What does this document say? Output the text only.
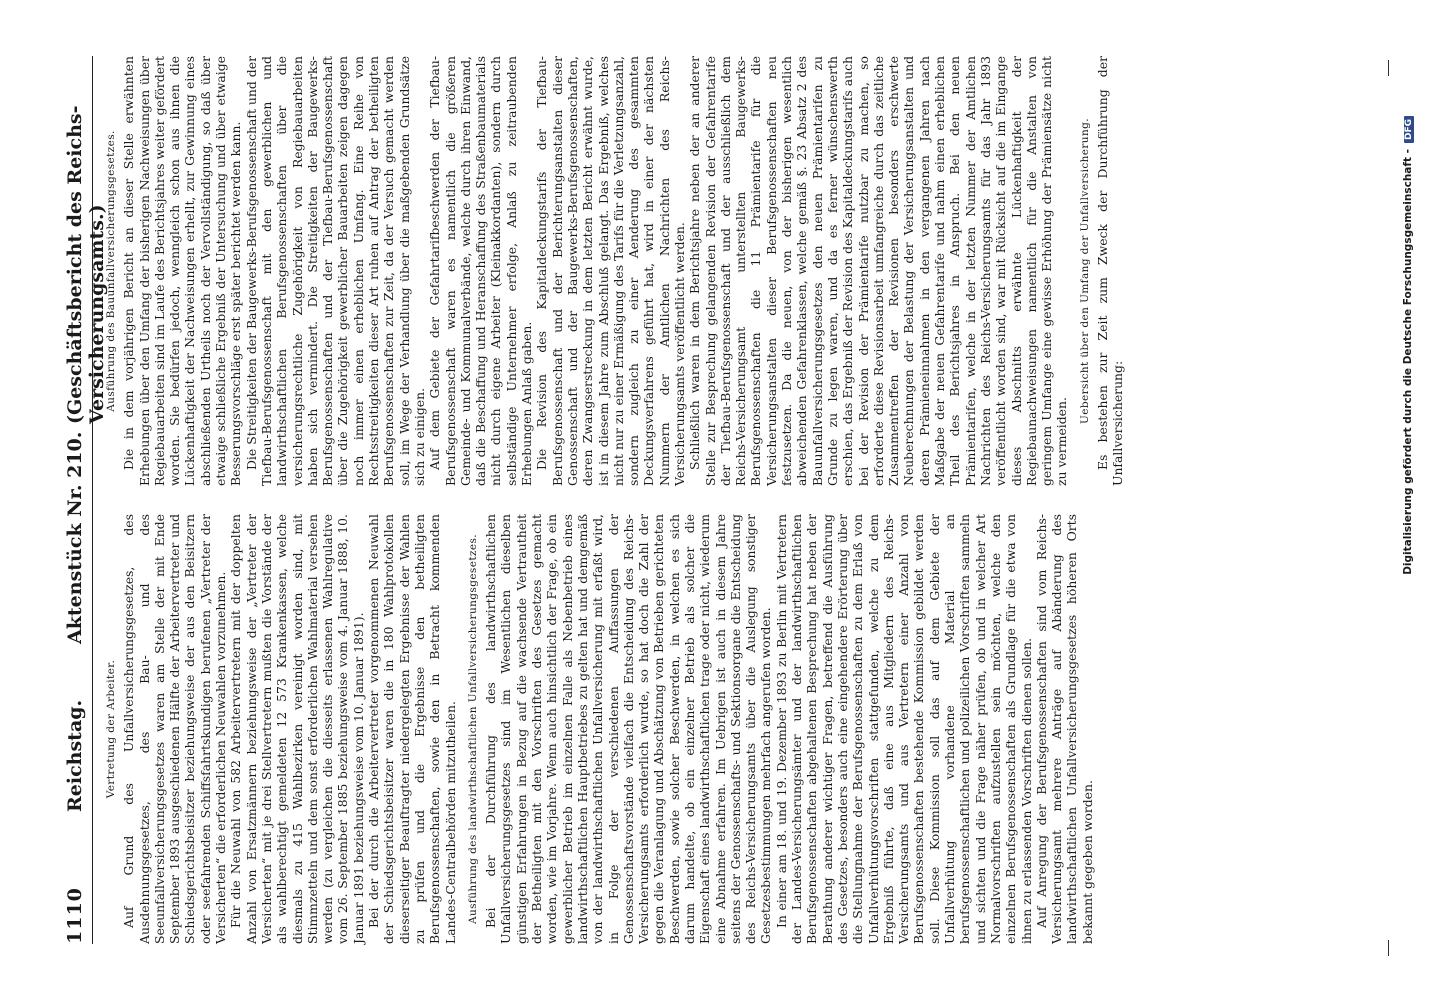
1110
Reichstag.
Aktenstück Nr. 210.
(Geschäftsbericht des Reichs-Versicherungsamts.)
Vertretung der Arbeiter. Auf Grund des Unfallversicherungsgesetzes, des Ausdehnungsgesetzes, des Bau- und des Seeunfallversicherungsgesetzes waren am Stelle der mit Ende September 1893 ausgeschiedenen Hälfte der Arbeitervertreter und Schiedsgerichtsbeisitzer beziehungsweise der aus den Beisitzern oder seefahrenden Schiffsfahrtskundigen berufenen „Vertreter der Versicherten“ die erforderlichen Neuwahlen vorzunehmen. Für die Neuwahl von 582 Arbeitervertretern mit der doppelten Anzahl von Ersatzmännern beziehungsweise der „Vertreter der Versicherten“ mit je drei Stellvertretern mußten die Vorstände der als wahlberechtigt gemeldeten 12 573 Krankenkassen, welche diesmals zu 415 Wahlbezirken vereinigt worden sind, mit Stimmzetteln und dem sonst erforderlichen Wahlmaterial versehen werden (zu vergleichen die diesseits erlassenen Wahlregulative vom 26. September 1885 beziehungsweise vom 4. Januar 1888, 10. Januar 1891 beziehungsweise vom 10. Januar 1891). Bei der durch die Arbeitervertreter vorgenommenen Neuwahl der Schiedsgerichtsbeisitzer waren die in 180 Wahlprotokollen dieserseitiger Beauftragter niedergelegten Ergebnisse der Wahlen zu prüfen und die Ergebnisse den betheiligten Berufsgenossenschaften, sowie den in Betracht kommenden Landes-Centralbehörden mitzutheilen. Ausführung des landwirthschaftlichen Unfallversicherungsgesetzes. Bei der Durchführung des landwirthschaftlichen Unfallversicherungsgesetzes sind im Wesentlichen dieselben günstigen Erfahrungen in Bezug auf die wachsende Vertrautheit der Betheiligten mit den Vorschriften des Gesetzes gemacht worden, wie im Vorjahre. Wenn auch hinsichtlich der Frage, ob ein gewerblicher Betrieb im einzelnen Falle als Nebenbetrieb eines landwirthschaftlichen Hauptbetriebes zu gelten hat und demgemäß von der landwirthschaftlichen Unfallversicherung mit erfaßt wird, in Folge der verschiedenen Auffassungen der Genossenschaftsvorstände vielfach die Entscheidung des Reichs-Versicherungsamts erforderlich wurde, so hat doch die Zahl der gegen die Veranlagung und Abschätzung von Betrieben gerichteten Beschwerden, sowie solcher Beschwerden, in welchen es sich darum handelte, ob ein einzelner Betrieb als solcher die Eigenschaft eines landwirthschaftlichen trage oder nicht, wiederum eine Abnahme erfahren. Im Uebrigen ist auch in diesem Jahre seitens der Genossenschafts- und Sektionsorgane die Entscheidung des Reichs-Versicherungsamts über die Auslegung sonstiger Gesetzesbestimmungen mehrfach angerufen worden. In einer am 18. und 19. Dezember 1893 zu Berlin mit Vertretern der Landes-Versicherungsämter und der landwirthschaftlichen Berufsgenossenschaften abgehaltenen Besprechung hat neben der Berathung anderer wichtiger Fragen, betreffend die Ausführung des Gesetzes, besonders auch eine eingehendere Erörterung über die Stellungnahme der Berufsgenossenschaften zu dem Erlaß von Unfallverhütungsvorschriften stattgefunden, welche zu dem Ergebniß führte, daß eine aus Mitgliedern des Reichs-Versicherungsamts und aus Vertretern einer Anzahl von Berufsgenossenschaften bestehende Kommission gebildet werden soll. Diese Kommission soll das auf dem Gebiete der Unfallverhütung vorhandene Material an berufsgenossenschaftlichen und polizeilichen Vorschriften sammeln und sichten und die Frage näher prüfen, ob und in welcher Art Normalvorschriften aufzustellen sein möchten, welche den einzelnen Berufsgenossenschaften als Grundlage für die etwa von ihnen zu erlassenden Vorschriften dienen sollen. Auf Anregung der Berufsgenossenschaften sind vom Reichs-Versicherungsamt mehrere Anträge auf Abänderung des landwirthschaftlichen Unfallversicherungsgesetzes höheren Orts bekannt gegeben worden.

Ausführung des Bauunfallversicherungsgesetzes. Die in dem vorjährigen Bericht an dieser Stelle erwähnten Erhebungen über den Umfang der bisherigen Nachweisungen über Regiebauarbeiten sind im Laufe des Berichtsjahres weiter gefördert worden. Sie bedürfen jedoch, wenngleich schon aus ihnen die Lückenhaftigkeit der Nachweisungen erhellt, zur Gewinnung eines abschließenden Urtheils noch der Vervollständigung, so daß über etwaige schließliche Ergebniß der Untersuchung und über etwaige Besserungsvorschläge erst später berichtet werden kann. Die Streitigkeiten der Baugewerks-Berufsgenossenschaft und der Tiefbau-Berufsgenossenschaft mit den gewerblichen und landwirthschaftlichen Berufsgenossenschaften über die versicherungsrechtliche Zugehörigkeit von Regiebauarbeiten haben sich vermindert. Die Streitigkeiten der Baugewerks-Berufsgenossenschaften und der Tiefbau-Berufsgenossenschaft über die Zugehörigkeit gewerblicher Bauarbeiten zeigen dagegen noch immer einen erheblichen Umfang. Eine Reihe von Rechtsstreitigkeiten dieser Art ruhen auf Antrag der betheiligten Berufsgenossenschaften zur Zeit, da der Versuch gemacht werden soll, im Wege der Verhandlung über die maßgebenden Grundsätze sich zu einigen. Auf dem Gebiete der Gefahrtarifbeschwerden der Tiefbau-Berufsgenossenschaft waren es namentlich die größeren Gemeinde- und Kommunalverbände, welche durch ihren Einwand, daß die Beschaffung und Heranschaffung des Straßenbaumaterials nicht durch eigene Arbeiter (Kleinakkordanten), sondern durch selbständige Unternehmer erfolge, Anlaß zu zeitraubenden Erhebungen Anlaß gaben. Die Revision des Kapitaldeckungstarifs der Tiefbau-Berufsgenossenschaft und der Berichterungsanstalten dieser Genossenschaft und der Baugewerks-Berufsgenossenschaften, deren Zwangserstreckung in dem letzten Bericht erwähnt wurde, ist in diesem Jahre zum Abschluß gelangt. Das Ergebniß, welches nicht nur zu einer Ermäßigung des Tarifs für die Verletzungsanzahl, sondern zugleich zu einer Aenderung des gesammten Deckungsverfahrens geführt hat, wird in einer der nächsten Nummern der Amtlichen Nachrichten des Reichs-Versicherungsamts veröffentlicht werden. Schließlich waren in dem Berichtsjahre neben der an anderer Stelle zur Besprechung gelangenden Revision der Gefahrentarife der Tiefbau-Berufsgenossenschaft und der ausschließlich dem Reichs-Versicherungsamt unterstellten Baugewerks-Berufsgenossenschaften die 11 Prämientarife für die Versicherungsanstalten dieser Berufsgenossenschaften neu festzusetzen. Da die neuen, von der bisherigen wesentlich abweichenden Gefahrenklassen, welche gemäß §. 23 Absatz 2 des Bauunfallversicherungsgesetzes den neuen Prämientarifen zu Grunde zu legen waren, und da es ferner wünschenswerth erschien, das Ergebniß der Revision des Kapitaldeckungstarifs auch bei der Revision der Prämientarife nutzbar zu machen, so erforderte diese Revisionsarbeit umfangreiche durch das zeitliche Zusammentreffen der Revisionen besonders erschwerte Neuberechnungen der Belastung der Versicherungsanstalten und deren Prämieneinnahmen in den vergangenen Jahren nach Maßgabe der neuen Gefahrentarife und nahm einen erheblichen Theil des Berichtsjahres in Anspruch. Bei den neuen Prämientarifen, welche in der letzten Nummer der Amtlichen Nachrichten des Reichs-Versicherungsamts für das Jahr 1893 veröffentlicht worden sind, war mit Rücksicht auf die im Eingange dieses Abschnitts erwähnte Lückenhaftigkeit der Regiebaunachweisungen namentlich für die Anstalten von geringem Umfange eine gewisse Erhöhung der Prämiensätze nicht zu vermeiden.

Uebersicht über den Umfang der Unfallversicherung. Es bestehen zur Zeit zum Zweck der Durchführung der Unfallversicherung:	Digitalisierung gefördert durch die Deutsche Forschungsgemeinschaft -DFG
